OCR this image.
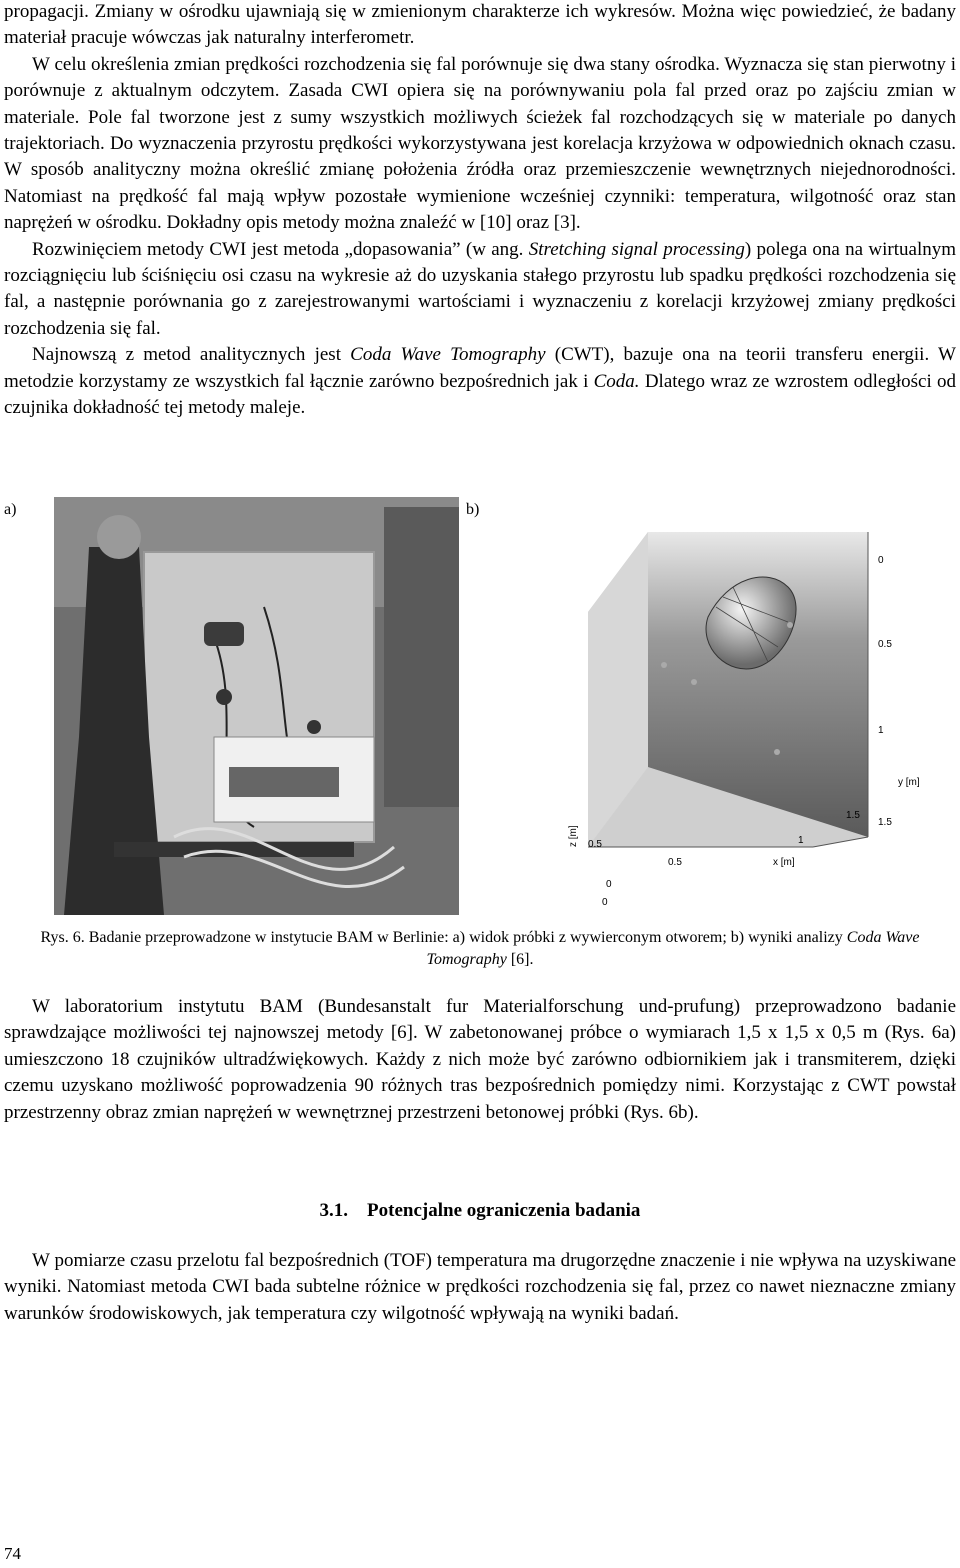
propagacji. Zmiany w ośrodku ujawniają się w zmienionym charakterze ich wykresów. Można więc powiedzieć, że badany materiał pracuje wówczas jak naturalny interferometr.

W celu określenia zmian prędkości rozchodzenia się fal porównuje się dwa stany ośrodka. Wyznacza się stan pierwotny i porównuje z aktualnym odczytem. Zasada CWI opiera się na porównywaniu pola fal przed oraz po zajściu zmian w materiale. Pole fal tworzone jest z sumy wszystkich możliwych ścieżek fal rozchodzących się w materiale po danych trajektoriach. Do wyznaczenia przyrostu prędkości wykorzystywana jest korelacja krzyżowa w odpowiednich oknach czasu. W sposób analityczny można określić zmianę położenia źródła oraz przemieszczenie wewnętrznych niejednorodności. Natomiast na prędkość fal mają wpływ pozostałe wymienione wcześniej czynniki: temperatura, wilgotność oraz stan naprężeń w ośrodku. Dokładny opis metody można znaleźć w [10] oraz [3].

Rozwinięciem metody CWI jest metoda „dopasowania” (w ang. Stretching signal processing) polega ona na wirtualnym rozciągnięciu lub ściśnięciu osi czasu na wykresie aż do uzyskania stałego przyrostu lub spadku prędkości rozchodzenia się fal, a następnie porównania go z zarejestrowanymi wartościami i wyznaczeniu z korelacji krzyżowej zmiany prędkości rozchodzenia się fal.

Najnowszą z metod analitycznych jest Coda Wave Tomography (CWT), bazuje ona na teorii transferu energii. W metodzie korzystamy ze wszystkich fal łącznie zarówno bezpośrednich jak i Coda. Dlatego wraz ze wzrostem odległości od czujnika dokładność tej metody maleje.

a)	b)
0
0.5
1
y [m]
1.5
1.5
1
x [m]
0.5
0
z [m] 0.5
0
Rys. 6. Badanie przeprowadzone w instytucie BAM w Berlinie: a) widok próbki z wywierconym otworem; b) wyniki analizy Coda Wave Tomography [6].

W laboratorium instytutu BAM (Bundesanstalt fur Materialforschung und-prufung) przeprowadzono badanie sprawdzające możliwości tej najnowszej metody [6]. W zabetonowanej próbce o wymiarach 1,5 x 1,5 x 0,5 m (Rys. 6a) umieszczono 18 czujników ultradźwiękowych. Każdy z nich może być zarówno odbiornikiem jak i transmiterem, dzięki czemu uzyskano możliwość poprowadzenia 90 różnych tras bezpośrednich pomiędzy nimi. Korzystając z CWT powstał przestrzenny obraz zmian naprężeń w wewnętrznej przestrzeni betonowej próbki (Rys. 6b).

3.1. Potencjalne ograniczenia badania

W pomiarze czasu przelotu fal bezpośrednich (TOF) temperatura ma drugorzędne znaczenie i nie wpływa na uzyskiwane wyniki. Natomiast metoda CWI bada subtelne różnice w prędkości rozchodzenia się fal, przez co nawet nieznaczne zmiany warunków środowiskowych, jak temperatura czy wilgotność wpływają na wyniki badań.

74
